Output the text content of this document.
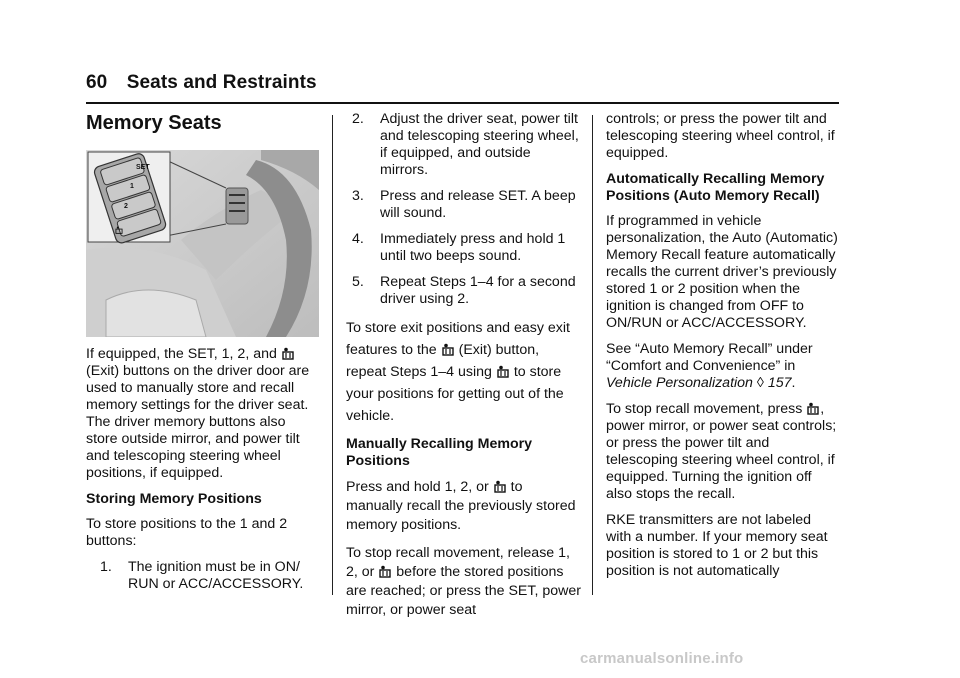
60 Seats and Restraints
Memory Seats
SET
1
2

If equipped, the SET, 1, 2, and
(Exit) buttons on the driver door are used to manually store and recall memory settings for the driver seat. The driver memory buttons also store outside mirror, and power tilt and telescoping steering wheel positions, if equipped.

Storing Memory Positions

To store positions to the 1 and 2 buttons:

1. The ignition must be in ON/ RUN or ACC/ACCESSORY.
2. Adjust the driver seat, power tilt and telescoping steering wheel, if equipped, and outside mirrors.
3. Press and release SET. A beep will sound.
4. Immediately press and hold 1 until two beeps sound.
5. Repeat Steps 1–4 for a second driver using 2.

To store exit positions and easy exit features to the (Exit) button, repeat Steps 1–4 using to store your positions for getting out of the vehicle.

Manually Recalling Memory Positions

Press and hold 1, 2, or to manually recall the previously stored memory positions.

To stop recall movement, release 1, 2, or before the stored positions are reached; or press the SET, power mirror, or power seat

controls; or press the power tilt and telescoping steering wheel control, if equipped.

Automatically Recalling Memory Positions (Auto Memory Recall)

If programmed in vehicle personalization, the Auto (Automatic) Memory Recall feature automatically recalls the current driver’s previously stored 1 or 2 position when the ignition is changed from OFF to ON/RUN or ACC/ACCESSORY.

See “Auto Memory Recall” under “Comfort and Convenience” in Vehicle Personalization ◊ 157.

To stop recall movement, press , power mirror, or power seat controls; or press the power tilt and telescoping steering wheel control, if equipped. Turning the ignition off also stops the recall.

RKE transmitters are not labeled with a number. If your memory seat position is stored to 1 or 2 but this position is not automatically

carmanualsonline.info
